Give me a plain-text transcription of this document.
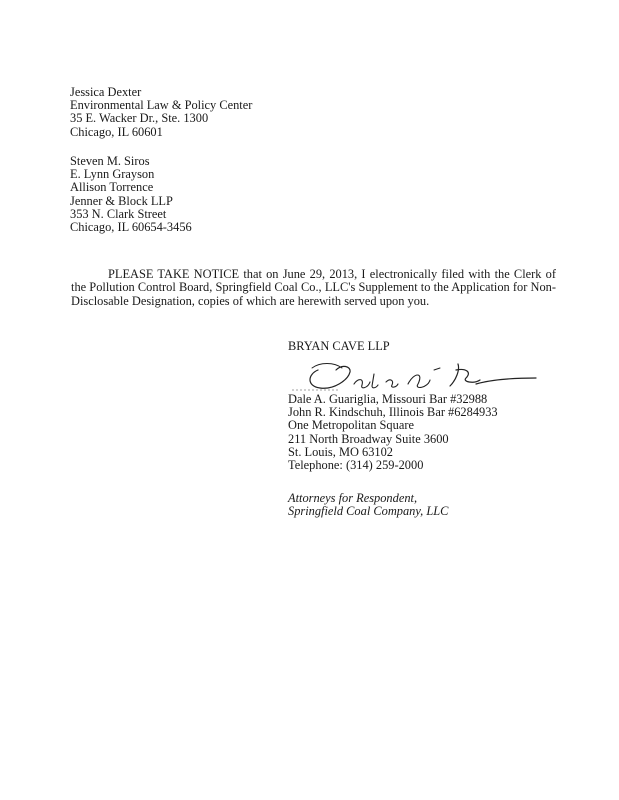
Jessica Dexter
Environmental Law & Policy Center
35 E. Wacker Dr., Ste. 1300
Chicago, IL 60601
Steven M. Siros
E. Lynn Grayson
Allison Torrence
Jenner & Block LLP
353 N. Clark Street
Chicago, IL 60654-3456

PLEASE TAKE NOTICE that on June 29, 2013, I electronically filed with the Clerk of the Pollution Control Board, Springfield Coal Co., LLC's Supplement to the Application for Non-Disclosable Designation, copies of which are herewith served upon you.

BRYAN CAVE LLP
Dale A. Guariglia, Missouri Bar #32988
John R. Kindschuh, Illinois Bar #6284933
One Metropolitan Square
211 North Broadway Suite 3600
St. Louis, MO 63102
Telephone: (314) 259-2000
Attorneys for Respondent,
Springfield Coal Company, LLC
